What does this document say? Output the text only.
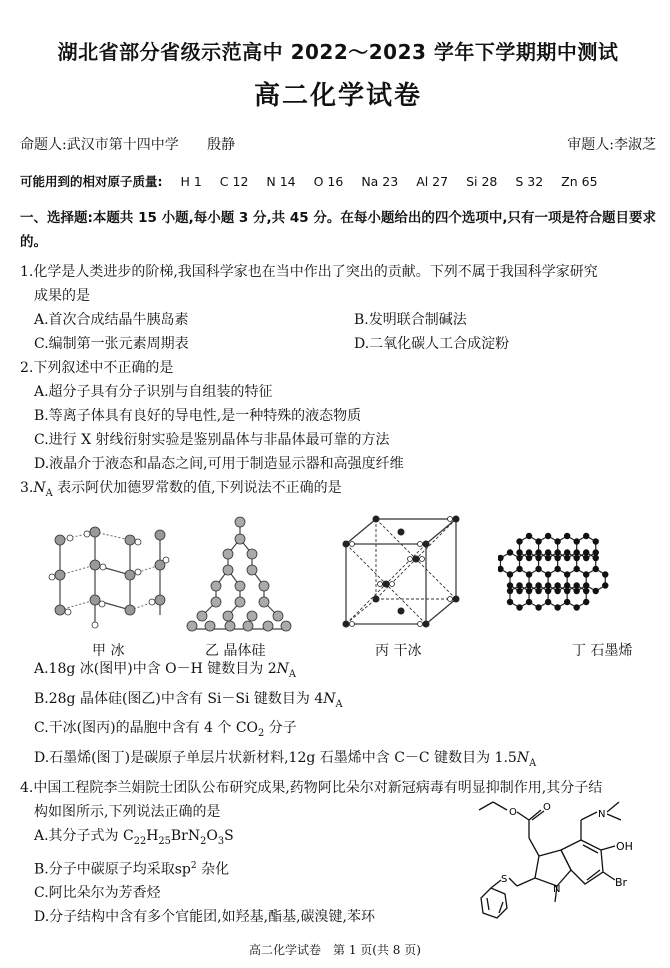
湖北省部分省级示范高中 2022～2023 学年下学期期中测试
高二化学试卷
命题人:武汉市第十四中学 殷静	审题人:李淑芝
可能用到的相对原子质量: H 1 C 12 N 14 O 16 Na 23 Al 27 Si 28 S 32 Zn 65
一、选择题:本题共 15 小题,每小题 3 分,共 45 分。在每小题给出的四个选项中,只有一项是符合题目要求的。
1.化学是人类进步的阶梯,我国科学家也在当中作出了突出的贡献。下列不属于我国科学家研究
成果的是
A.首次合成结晶牛胰岛素	B.发明联合制碱法
C.编制第一张元素周期表	D.二氧化碳人工合成淀粉
2.下列叙述中不正确的是
A.超分子具有分子识别与自组装的特征
B.等离子体具有良好的导电性,是一种特殊的液态物质
C.进行 X 射线衍射实验是鉴别晶体与非晶体最可靠的方法
D.液晶介于液态和晶态之间,可用于制造显示器和高强度纤维
$3.N_A$ 表示阿伏加德罗常数的值,下列说法不正确的是
甲 冰	乙 晶体硅	丙 干冰	丁 石墨烯
A.18g 冰(图甲)中含 O－H 键数目为 $2N_A$
B.28g 晶体硅(图乙)中含有 Si－Si 键数目为 $4N_A$
C.干冰(图丙)的晶胞中含有 4 个 $CO_2$ 分子
D.石墨烯(图丁)是碳原子单层片状新材料,12g 石墨烯中含 C－C 键数目为 $1.5N_A$
4.中国工程院李兰娟院士团队公布研究成果,药物阿比朵尔对新冠病毒有明显抑制作用,其分子结
构如图所示,下列说法正确的是
A.其分子式为 $C_{22}H_{25}BrN_2O_3S$
B.分子中碳原子均采取$sp^2$ 杂化
C.阿比朵尔为芳香烃
D.分子结构中含有多个官能团,如羟基,酯基,碳溴键,苯环
O	O
N
OH
Br
N
S
高二化学试卷　第 1 页(共 8 页)
